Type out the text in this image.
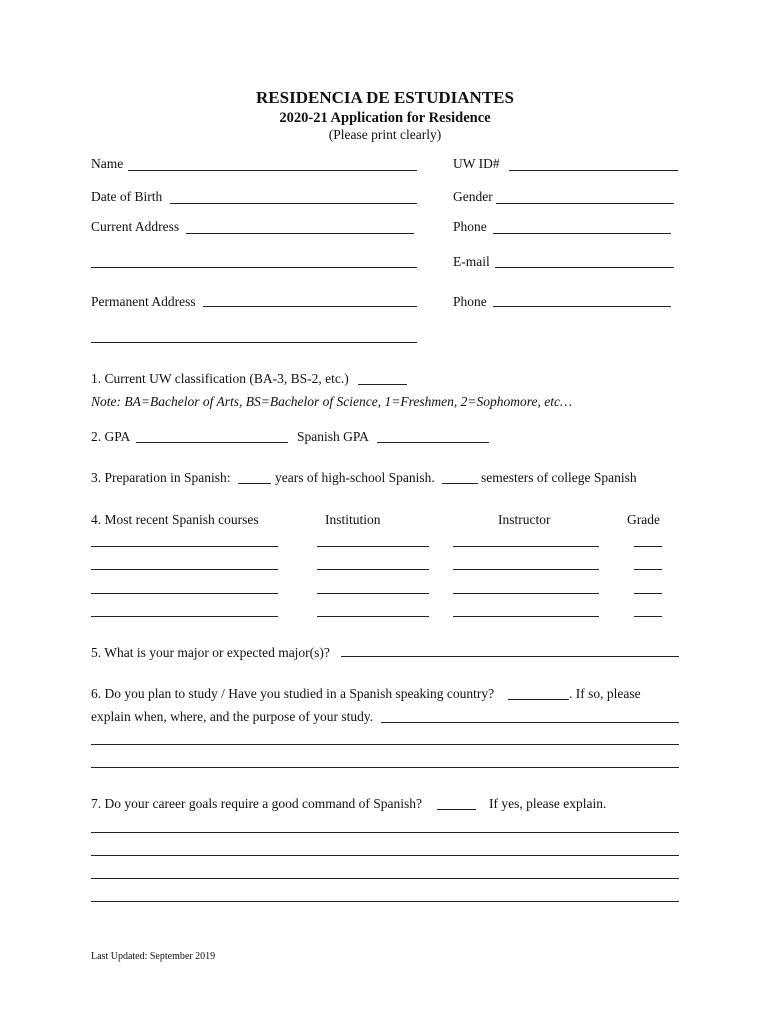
RESIDENCIA DE ESTUDIANTES
2020-21 Application for Residence
(Please print clearly)
Name	UW ID#
Date of Birth	Gender
Current Address	Phone
E-mail
Permanent Address	Phone
1. Current UW classification (BA-3, BS-2, etc.)
Note: BA=Bachelor of Arts, BS=Bachelor of Science, 1=Freshmen, 2=Sophomore, etc…
2. GPA	Spanish GPA
3. Preparation in Spanish:	years of high-school Spanish.	semesters of college Spanish
4. Most recent Spanish courses	Institution	Instructor	Grade
5. What is your major or expected major(s)?
6. Do you plan to study / Have you studied in a Spanish speaking country?	. If so, please
explain when, where, and the purpose of your study.
7. Do your career goals require a good command of Spanish?	If yes, please explain.
Last Updated: September 2019
